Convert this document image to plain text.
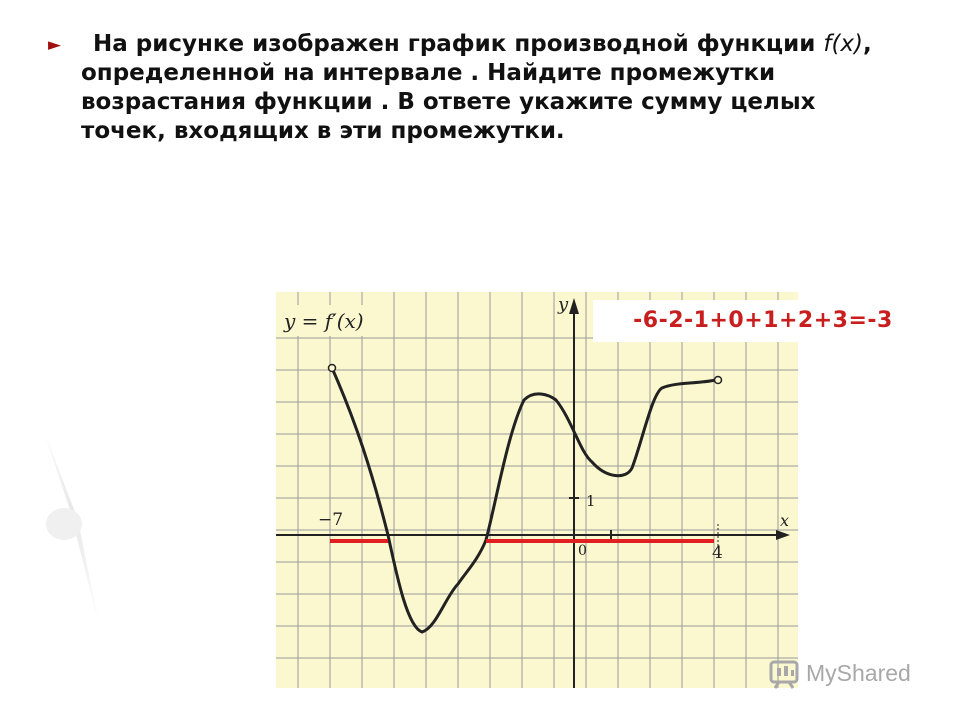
►	На рисунке изображен график производной функции f(x), определенной на интервале . Найдите промежутки возрастания функции . В ответе укажите сумму целых точек, входящих в эти промежутки.
y = f′(x)
x
y
−7
1
0	4
-6-2-1+0+1+2+3=-3
MyShared
